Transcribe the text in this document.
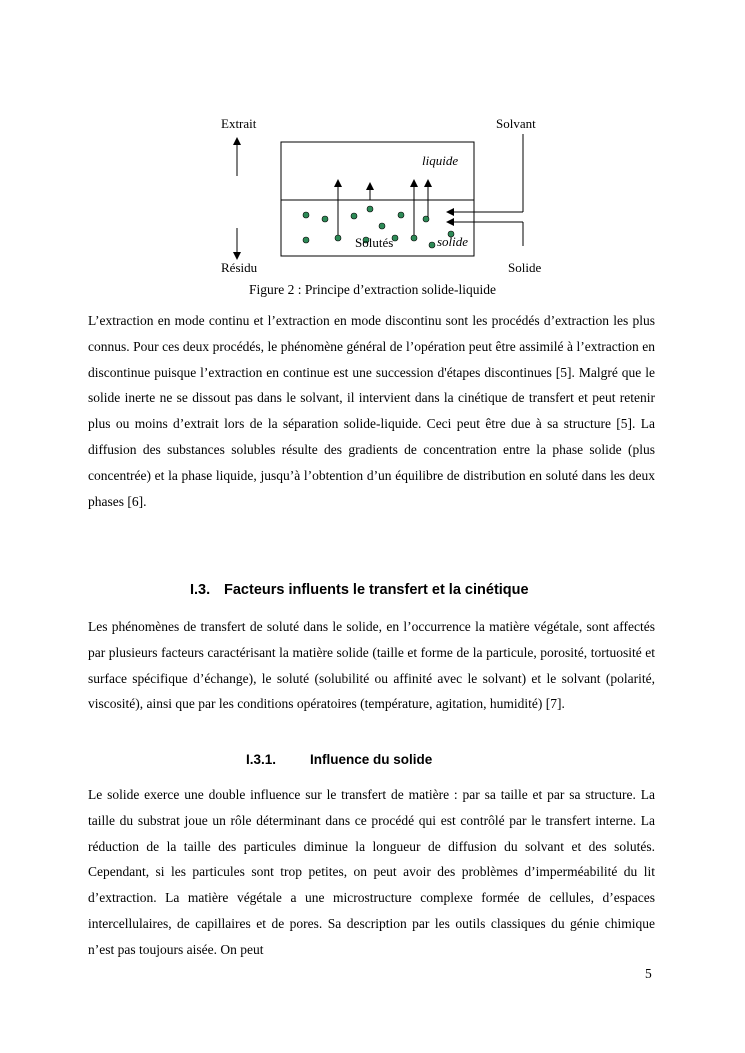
Extrait	Solvant
liquide
Solutés	solide
Résidu	Solide
Figure 2 : Principe d’extraction solide-liquide

L’extraction en mode continu et l’extraction en mode discontinu sont les procédés d’extraction les plus connus. Pour ces deux procédés, le phénomène général de l’opération peut être assimilé à l’extraction en discontinue puisque l’extraction en continue est une succession d'étapes discontinues [5]. Malgré que le solide inerte ne se dissout pas dans le solvant, il intervient dans la cinétique de transfert et peut retenir plus ou moins d’extrait lors de la séparation solide-liquide. Ceci peut être due à sa structure [5]. La diffusion des substances solubles résulte des gradients de concentration entre la phase solide (plus concentrée) et la phase liquide, jusqu’à l’obtention d’un équilibre de distribution en soluté dans les deux phases [6].

I.3. Facteurs influents le transfert et la cinétique

Les phénomènes de transfert de soluté dans le solide, en l’occurrence la matière végétale, sont affectés par plusieurs facteurs caractérisant la matière solide (taille et forme de la particule, porosité, tortuosité et surface spécifique d’échange), le soluté (solubilité ou affinité avec le solvant) et le solvant (polarité, viscosité), ainsi que par les conditions opératoires (température, agitation, humidité) [7].

I.3.1.	Influence du solide

Le solide exerce une double influence sur le transfert de matière : par sa taille et par sa structure. La taille du substrat joue un rôle déterminant dans ce procédé qui est contrôlé par le transfert interne. La réduction de la taille des particules diminue la longueur de diffusion du solvant et des solutés. Cependant, si les particules sont trop petites, on peut avoir des problèmes d’imperméabilité du lit d’extraction. La matière végétale a une microstructure complexe formée de cellules, d’espaces intercellulaires, de capillaires et de pores. Sa description par les outils classiques du génie chimique n’est pas toujours aisée. On peut

5
